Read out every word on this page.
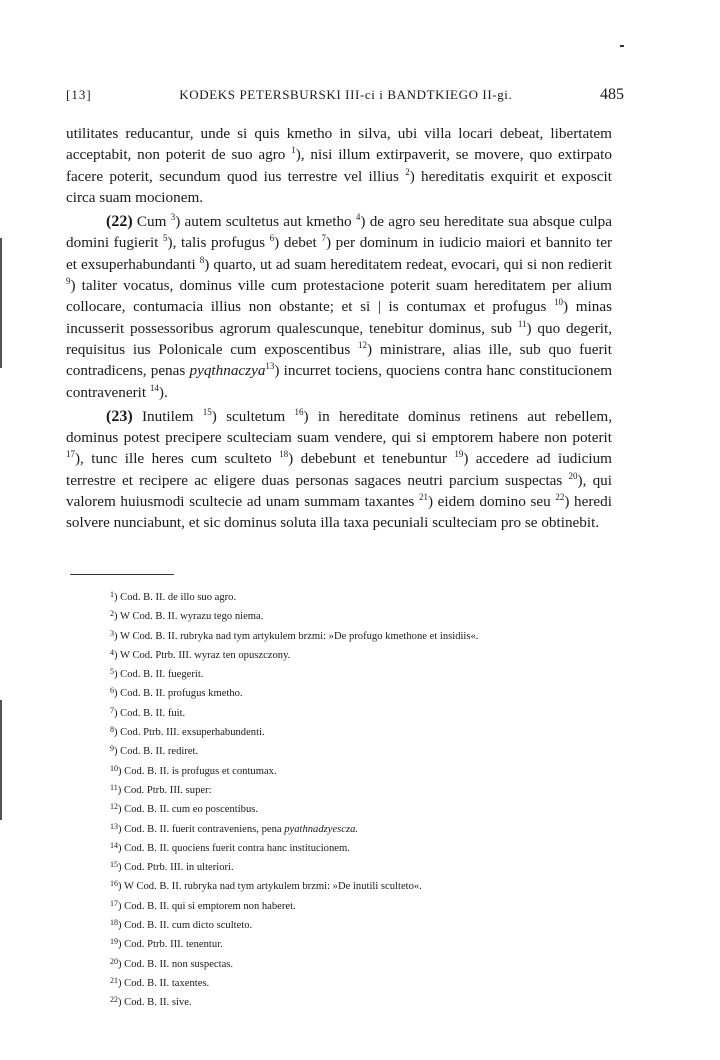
[13]	KODEKS PETERSBURSKI III-ci i BANDTKIEGO II-gi.	485

utilitates reducantur, unde si quis kmetho in silva, ubi villa locari debeat, libertatem acceptabit, non poterit de suo agro $^1$), nisi illum extirpaverit, se movere, quo extirpato facere poterit, secundum quod ius terrestre vel illius $^2$) hereditatis exquirit et exposcit circa suam mocionem.

(22) Cum $^3$) autem scultetus aut kmetho $^4$) de agro seu hereditate sua absque culpa domini fugierit $^5$), talis profugus $^6$) debet $^7$) per dominum in iudicio maiori et bannito ter et exsuperhabundanti $^8$) quarto, ut ad suam hereditatem redeat, evocari, qui si non redierit $^9$) taliter vocatus, dominus ville cum protestacione poterit suam hereditatem per alium collocare, contumacia illius non obstante; et si | is contumax et profugus $^{10}$) minas incusserit possessoribus agrorum qualescunque, tenebitur dominus, sub $^{11}$) quo degerit, requisitus ius Polonicale cum exposcentibus $^{12}$) ministrare, alias ille, sub quo fuerit contradicens, penas pyqthnaczya$^{13}$) incurret tociens, quociens contra hanc constitucionem contravenerit $^{14}$).

(23) Inutilem $^{15}$) scultetum $^{16}$) in hereditate dominus retinens aut rebellem, dominus potest precipere sculteciam suam vendere, qui si emptorem habere non poterit $^{17}$), tunc ille heres cum sculteto $^{18}$) debebunt et tenebuntur $^{19}$) accedere ad iudicium terrestre et recipere ac eligere duas personas sagaces neutri parcium suspectas $^{20}$), qui valorem huiusmodi scultecie ad unam summam taxantes $^{21}$) eidem domino seu $^{22}$) heredi solvere nunciabunt, et sic dominus soluta illa taxa pecuniali sculteciam pro se obtinebit.

$^1$) Cod. B. II. de illo suo agro.
$^2$) W Cod. B. II. wyrazu tego niema.
$^3$) W Cod. B. II. rubryka nad tym artykulem brzmi: »De profugo kmethone et insidiis«.
$^4$) W Cod. Ptrb. III. wyraz ten opuszczony.
$^5$) Cod. B. II. fuegerit.
$^6$) Cod. B. II. profugus kmetho.
$^7$) Cod. B. II. fuit.
$^8$) Cod. Ptrb. III. exsuperhabundenti.
$^9$) Cod. B. II. rediret.
$^{10}$) Cod. B. II. is profugus et contumax.
$^{11}$) Cod. Ptrb. III. super:
$^{12}$) Cod. B. II. cum eo poscentibus.
$^{13}$) Cod. B. II. fuerit contraveniens, pena pyathnadzyescza.
$^{14}$) Cod. B. II. quociens fuerit contra hanc institucionem.
$^{15}$) Cod. Ptrb. III. in ulteriori.
$^{16}$) W Cod. B. II. rubryka nad tym artykulem brzmi: »De inutili sculteto«.
$^{17}$) Cod. B. II. qui si emptorem non haberet.
$^{18}$) Cod. B. II. cum dicto sculteto.
$^{19}$) Cod. Ptrb. III. tenentur.
$^{20}$) Cod. B. II. non suspectas.
$^{21}$) Cod. B. II. taxentes.
$^{22}$) Cod. B. II. sive.
